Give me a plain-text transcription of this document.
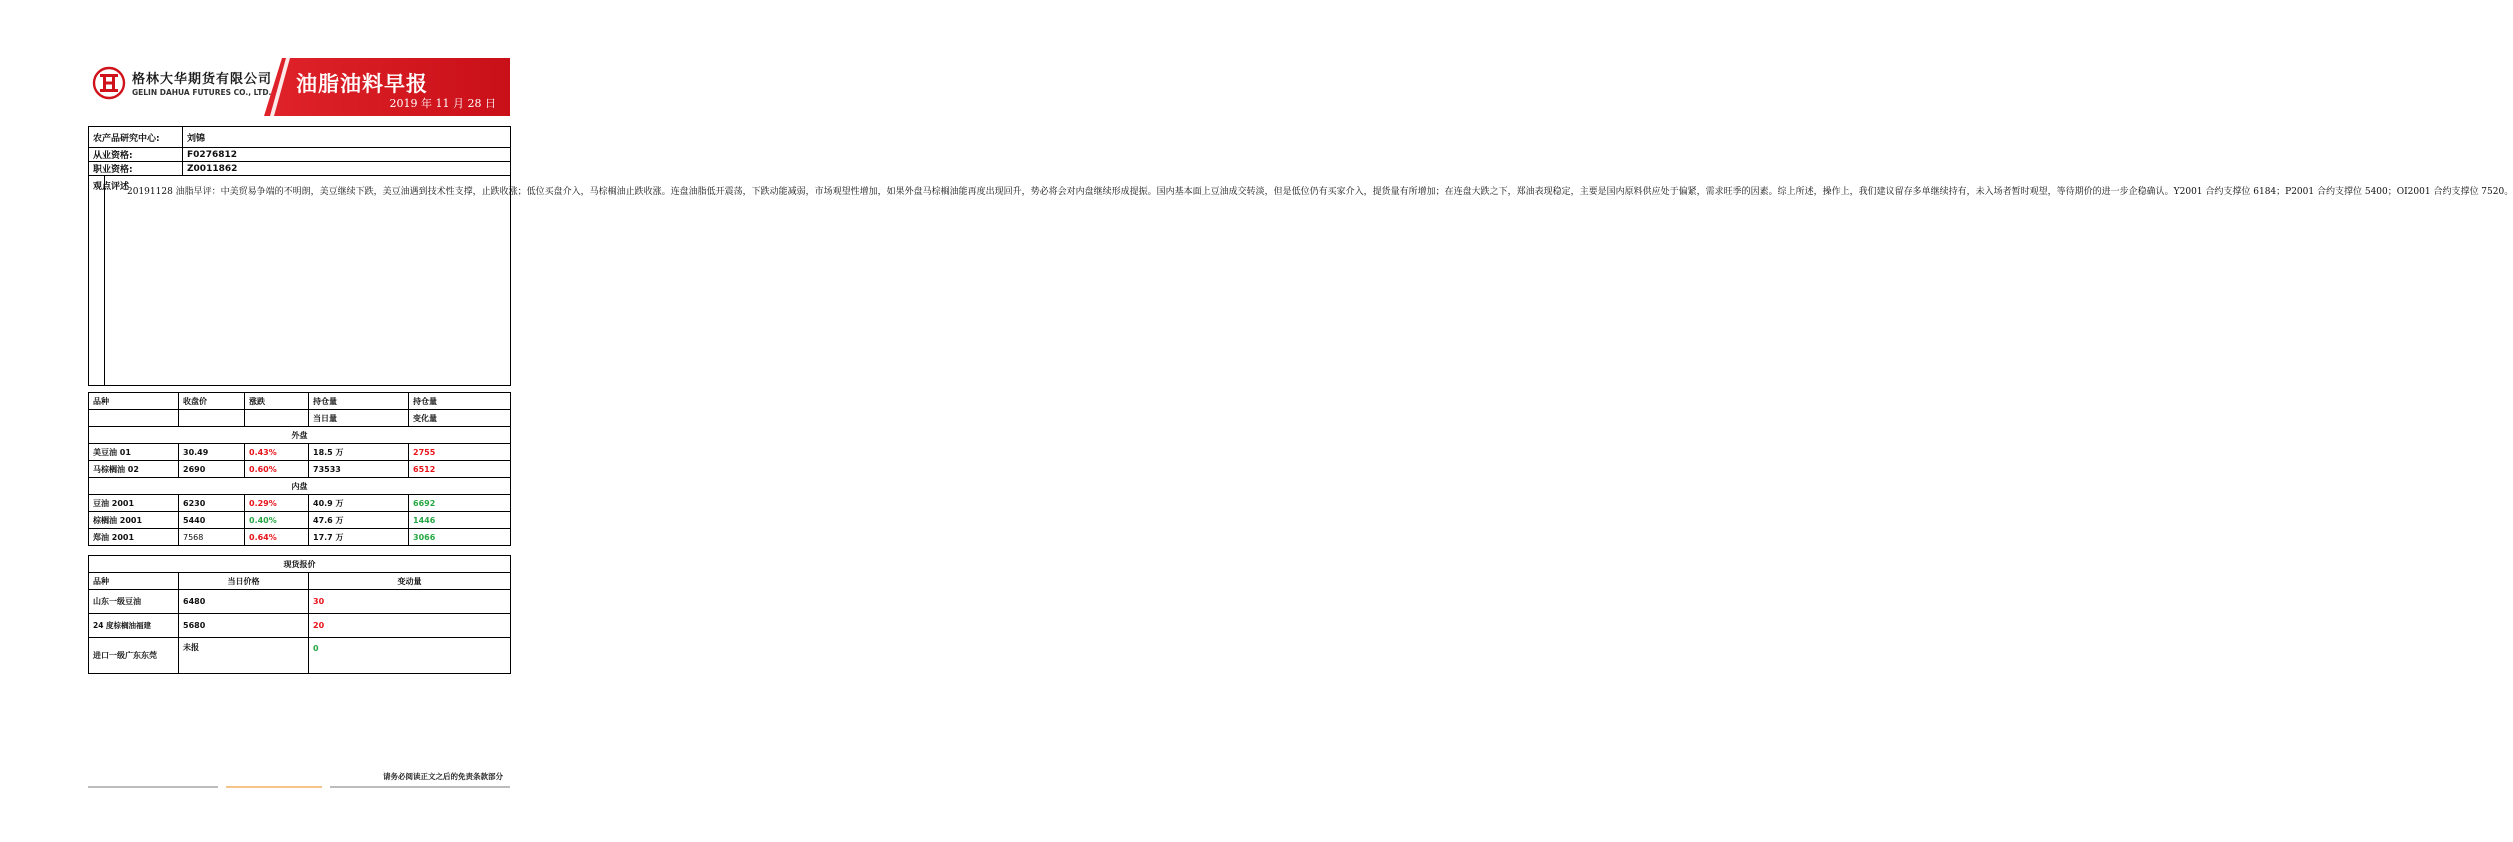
格林大华期货有限公司
GELIN DAHUA FUTURES CO., LTD. 油脂油料早报
2019 年 11 月 28 日
农产品研究中心:		刘锦
从业资格:		F0276812
职业资格:		Z0011862
观点评述	20191128 油脂早评：中美贸易争端的不明朗，美豆继续下跌，美豆油遇到技术性支撑，止跌收涨；低位买盘介入，马棕榈油止跌收涨。连盘油脂低开震荡，下跌动能减弱，市场观望性增加，如果外盘马棕榈油能再度出现回升，势必将会对内盘继续形成提振。国内基本面上豆油成交转淡，但是低位仍有买家介入，提货量有所增加；在连盘大跌之下，郑油表现稳定，主要是国内原料供应处于偏紧，需求旺季的因素。综上所述，操作上，我们建议留存多单继续持有，未入场者暂时观望，等待期价的进一步企稳确认。Y2001 合约支撑位 6184；P2001 合约支撑位 5400；OI2001 合约支撑位 7520。	
品种	收盘价	涨跌	持仓量	持仓量
			当日量	变化量
外盘				
美豆油 01	30.49	0.43%	18.5 万	2755
马棕榈油 02	2690	0.60%	73533	6512
内盘				
豆油 2001	6230	0.29%	40.9 万	6692
棕榈油 2001	5440	0.40%	47.6 万	1446
郑油 2001	7568	0.64%	17.7 万	3066
现货报价		
品种	当日价格	变动量
山东一级豆油	6480	30
24 度棕榈油福建	5680	20
进口一级广东东莞	未报	0
请务必阅读正文之后的免责条款部分
